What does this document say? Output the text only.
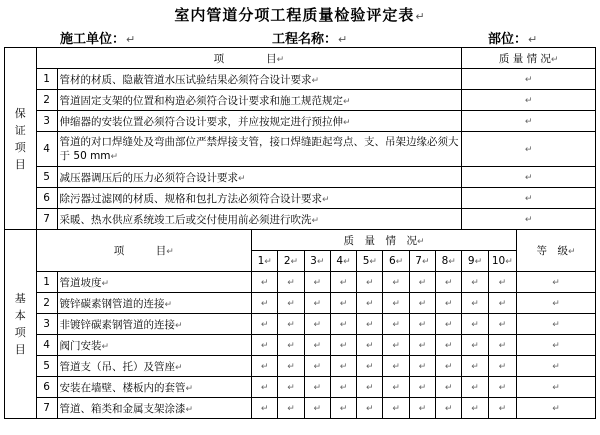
室内管道分项工程质量检验评定表↵
施工单位：↵	工程名称：↵	部位：↵
保
证
项
目	项　　　　目↵										质 量 情 况↵		
	1	管材的材质、隐蔽管道水压试验结果必须符合设计要求↵									↵		
	2	管道固定支架的位置和构造必须符合设计要求和施工规范规定↵									↵		
	3	伸缩器的安装位置必须符合设计要求，并应按规定进行预拉伸↵									↵		
	4	管道的对口焊缝处及弯曲部位严禁焊接支管，接口焊缝距起弯点、支、吊架边缘必须大于 50 mm↵									↵		
	5	减压器调压后的压力必须符合设计要求↵									↵		
	6	除污器过滤网的材质、规格和包扎方法必须符合设计要求↵									↵		
	7	采暖、热水供应系统竣工后或交付使用前必须进行吹洗↵									↵		

基
本
项
目	项　　　目↵		质　量　情　况↵										等　级↵
			1↵	2↵	3↵	4↵	5↵	6↵	7↵	8↵	9↵	10↵	
	1	管道坡度↵	↵	↵	↵	↵	↵	↵	↵	↵	↵	↵	↵
	2	镀锌碳素钢管道的连接↵	↵	↵	↵	↵	↵	↵	↵	↵	↵	↵	↵
	3	非镀锌碳素钢管道的连接↵	↵	↵	↵	↵	↵	↵	↵	↵	↵	↵	↵
	4	阀门安装↵	↵	↵	↵	↵	↵	↵	↵	↵	↵	↵	↵
	5	管道支（吊、托）及管座↵	↵	↵	↵	↵	↵	↵	↵	↵	↵	↵	↵
	6	安装在墙壁、楼板内的套管↵	↵	↵	↵	↵	↵	↵	↵	↵	↵	↵	↵
	7	管道、箱类和金属支架涂漆↵	↵	↵	↵	↵	↵	↵	↵	↵	↵	↵	↵
